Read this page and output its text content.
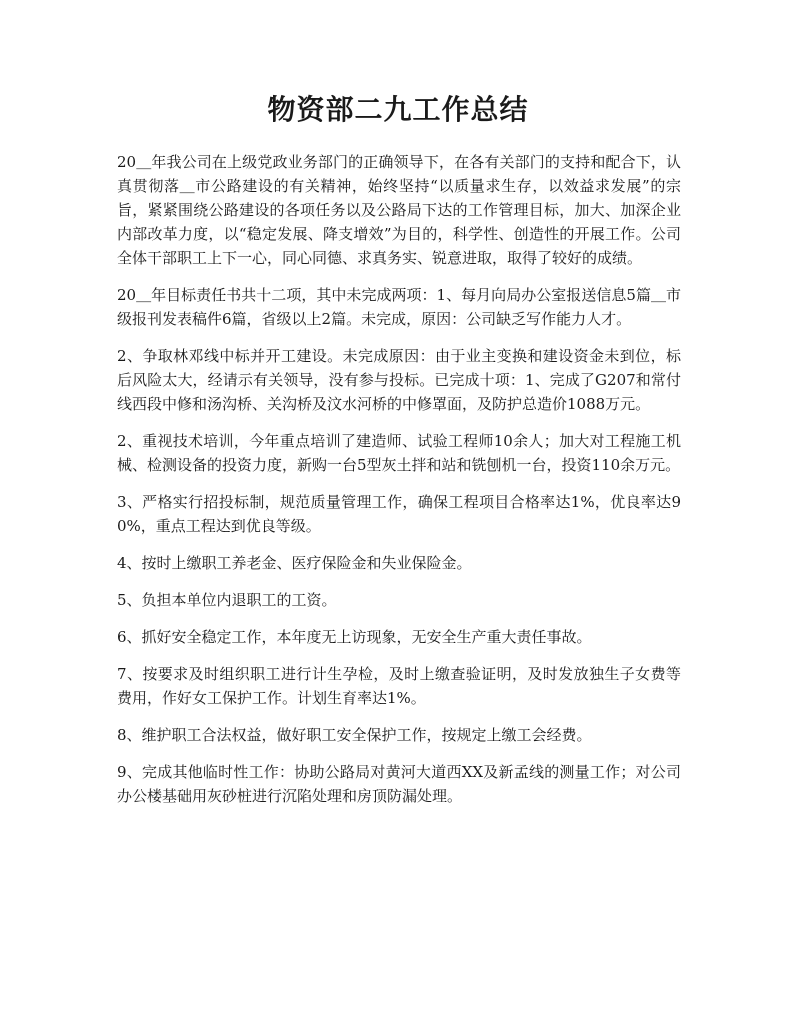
物资部二九工作总结

20＿年我公司在上级党政业务部门的正确领导下，在各有关部门的支持和配合下，认真贯彻落＿市公路建设的有关精神，始终坚持“以质量求生存，以效益求发展”的宗旨，紧紧围绕公路建设的各项任务以及公路局下达的工作管理目标，加大、加深企业内部改革力度，以“稳定发展、降支增效”为目的，科学性、创造性的开展工作。公司全体干部职工上下一心，同心同德、求真务实、锐意进取，取得了较好的成绩。

20＿年目标责任书共十二项，其中未完成两项：1、每月向局办公室报送信息5篇＿市级报刊发表稿件6篇，省级以上2篇。未完成，原因：公司缺乏写作能力人才。

2、争取林邓线中标并开工建设。未完成原因：由于业主变换和建设资金未到位，标后风险太大，经请示有关领导，没有参与投标。已完成十项：1、完成了G207和常付线西段中修和汤沟桥、关沟桥及汶水河桥的中修罩面，及防护总造价1088万元。

2、重视技术培训，今年重点培训了建造师、试验工程师10余人；加大对工程施工机械、检测设备的投资力度，新购一台5型灰土拌和站和铣刨机一台，投资110余万元。

3、严格实行招投标制，规范质量管理工作，确保工程项目合格率达1%，优良率达90%，重点工程达到优良等级。

4、按时上缴职工养老金、医疗保险金和失业保险金。

5、负担本单位内退职工的工资。

6、抓好安全稳定工作，本年度无上访现象，无安全生产重大责任事故。

7、按要求及时组织职工进行计生孕检，及时上缴查验证明，及时发放独生子女费等费用，作好女工保护工作。计划生育率达1%。

8、维护职工合法权益，做好职工安全保护工作，按规定上缴工会经费。

9、完成其他临时性工作：协助公路局对黄河大道西XX及新孟线的测量工作；对公司办公楼基础用灰砂桩进行沉陷处理和房顶防漏处理。
